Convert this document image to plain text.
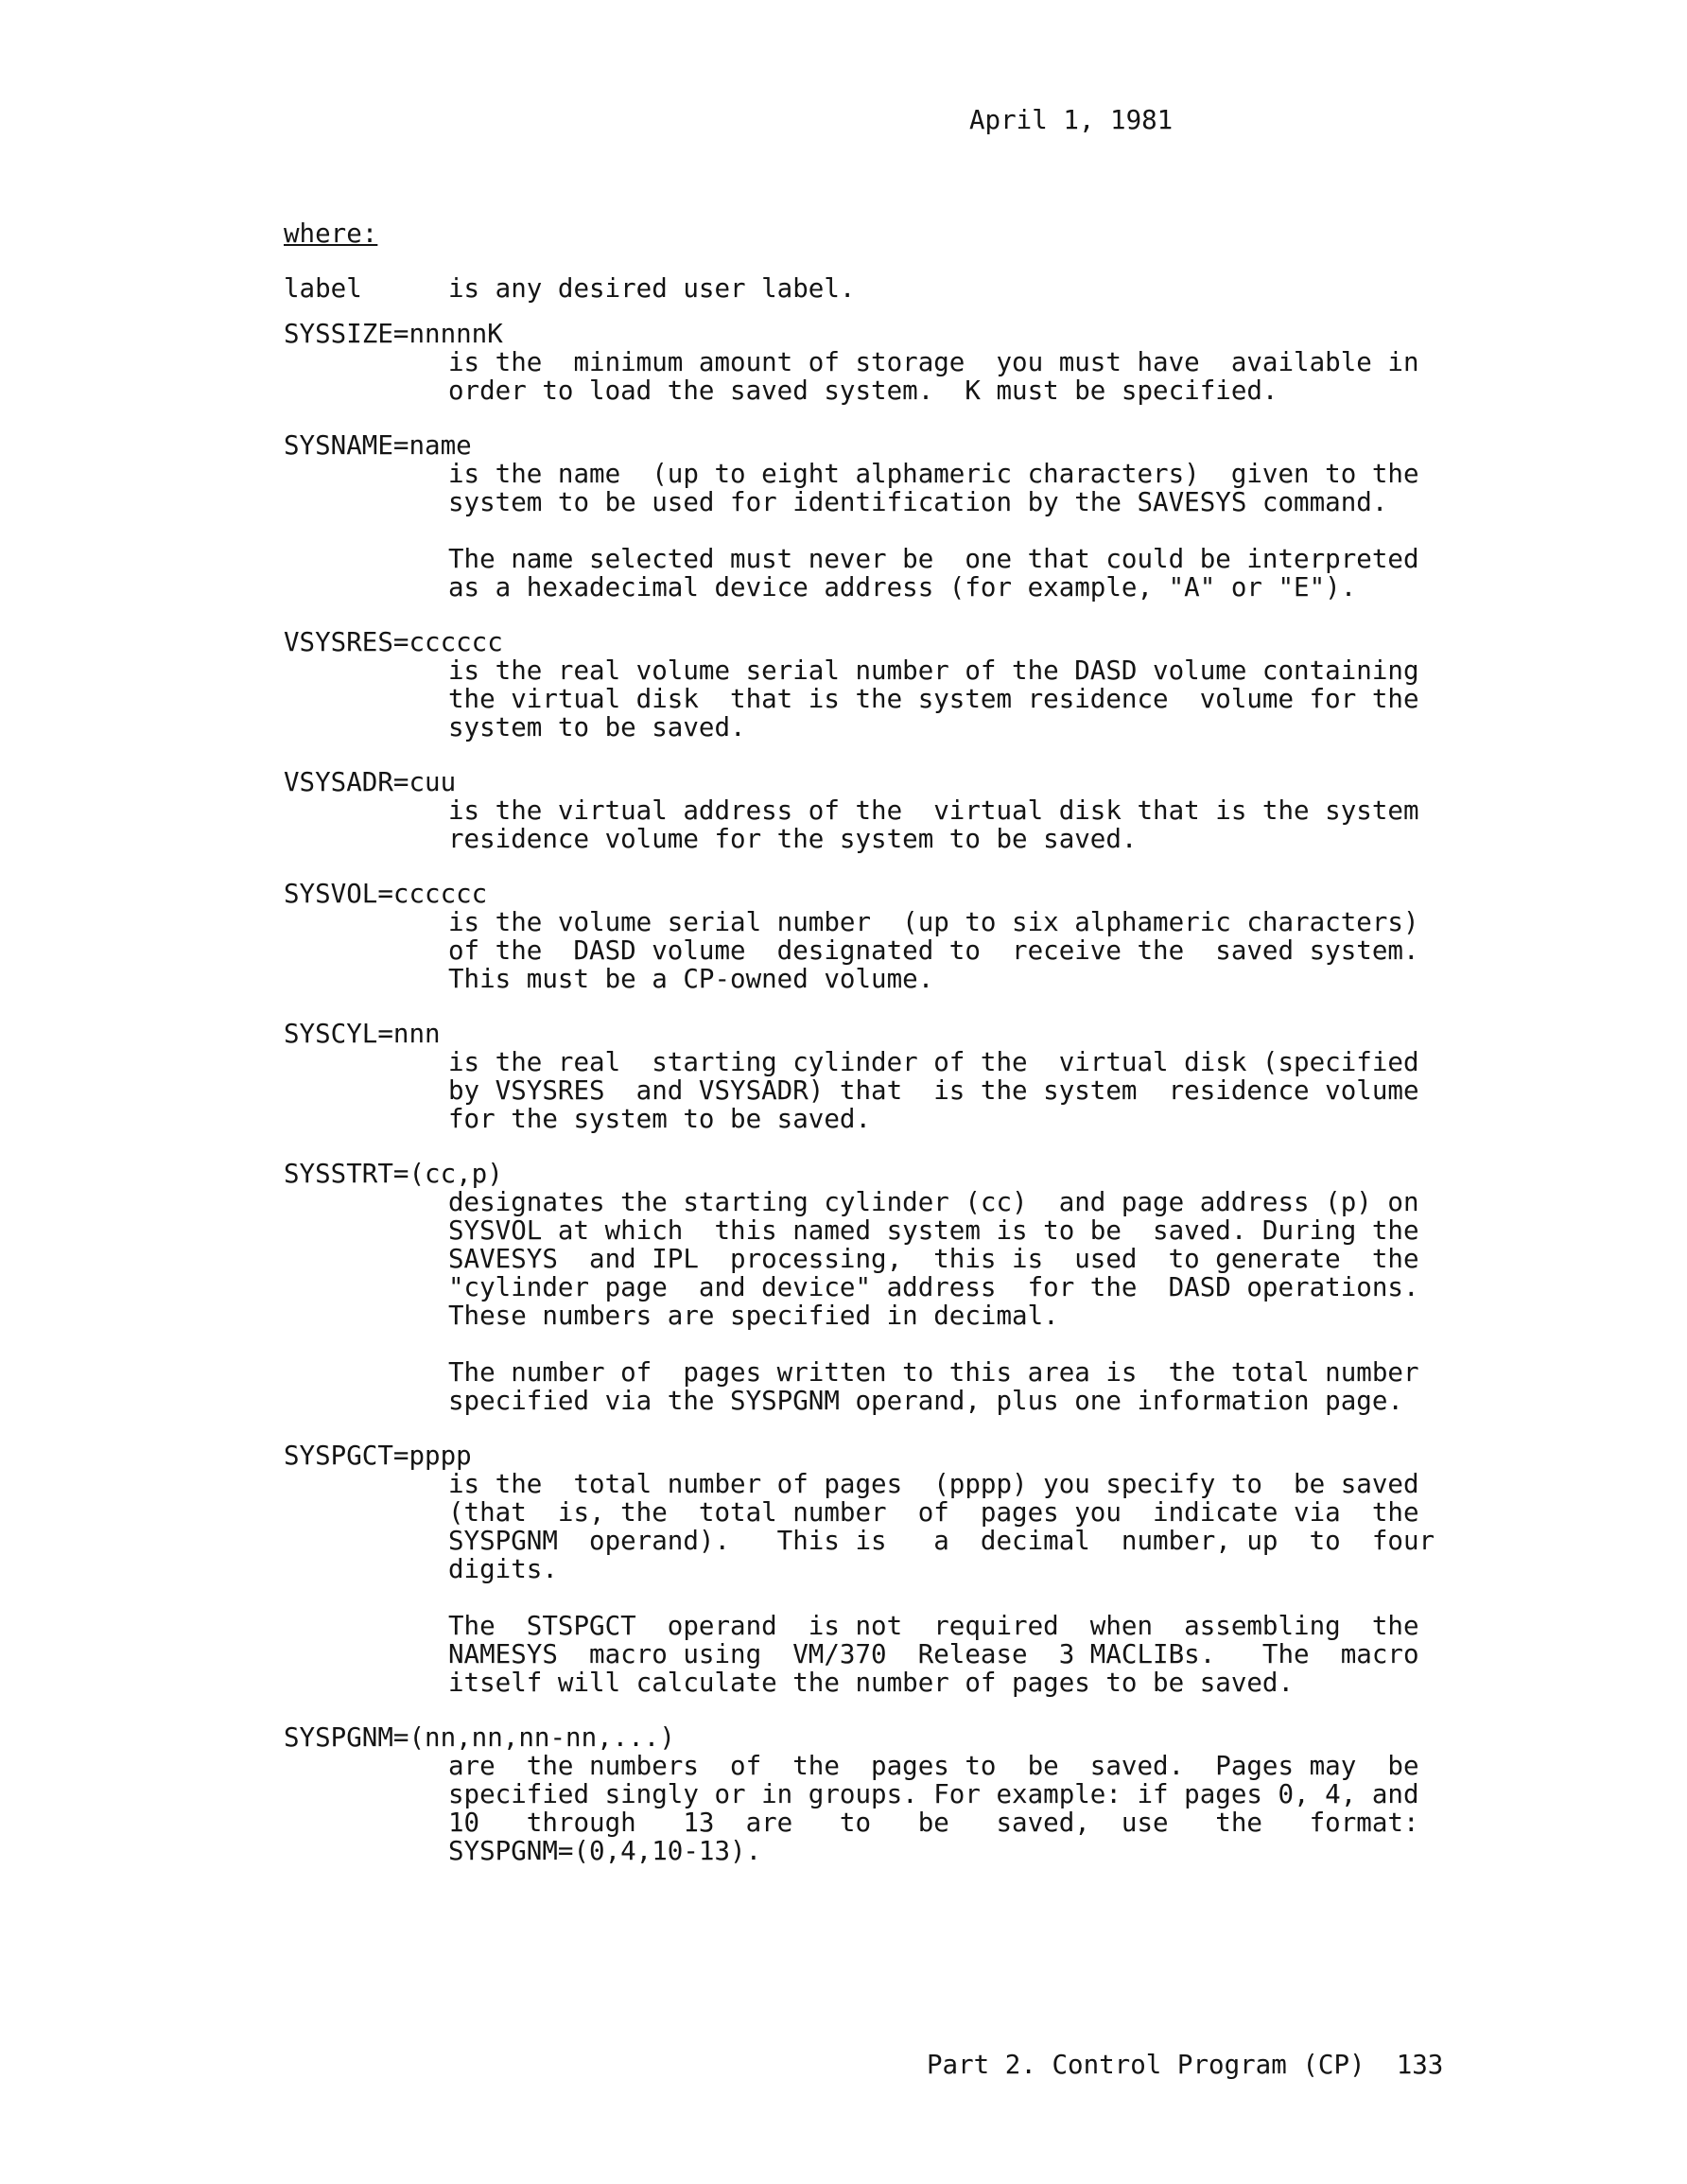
April 1, 1981
where:
label	is any desired user label.
SYSSIZE=nnnnnK
is the  minimum amount of storage  you must have  available in
order to load the saved system.  K must be specified.
SYSNAME=name
is the name  (up to eight alphameric characters)  given to the
system to be used for identification by the SAVESYS command.
The name selected must never be  one that could be interpreted
as a hexadecimal device address (for example, "A" or "E").
VSYSRES=cccccc
is the real volume serial number of the DASD volume containing
the virtual disk  that is the system residence  volume for the
system to be saved.
VSYSADR=cuu
is the virtual address of the  virtual disk that is the system
residence volume for the system to be saved.
SYSVOL=cccccc
is the volume serial number  (up to six alphameric characters)
of the  DASD volume  designated to  receive the  saved system.
This must be a CP-owned volume.
SYSCYL=nnn
is the real  starting cylinder of the  virtual disk (specified
by VSYSRES  and VSYSADR) that  is the system  residence volume
for the system to be saved.
SYSSTRT=(cc,p)
designates the starting cylinder (cc)  and page address (p) on
SYSVOL at which  this named system is to be  saved. During the
SAVESYS  and IPL  processing,  this is  used  to generate  the
"cylinder page  and device" address  for the  DASD operations.
These numbers are specified in decimal.
The number of  pages written to this area is  the total number
specified via the SYSPGNM operand, plus one information page.
SYSPGCT=pppp
is the  total number of pages  (pppp) you specify to  be saved
(that  is, the  total number  of  pages you  indicate via  the
SYSPGNM  operand).   This is   a  decimal  number, up  to  four
digits.
The  STSPGCT  operand  is not  required  when  assembling  the
NAMESYS  macro using  VM/370  Release  3 MACLIBs.   The  macro
itself will calculate the number of pages to be saved.
SYSPGNM=(nn,nn,nn-nn,...)
are  the numbers  of  the  pages to  be  saved.  Pages may  be
specified singly or in groups. For example: if pages 0, 4, and
10   through   13  are   to   be   saved,  use   the   format:
SYSPGNM=(0,4,10-13).
Part 2. Control Program (CP)  133
